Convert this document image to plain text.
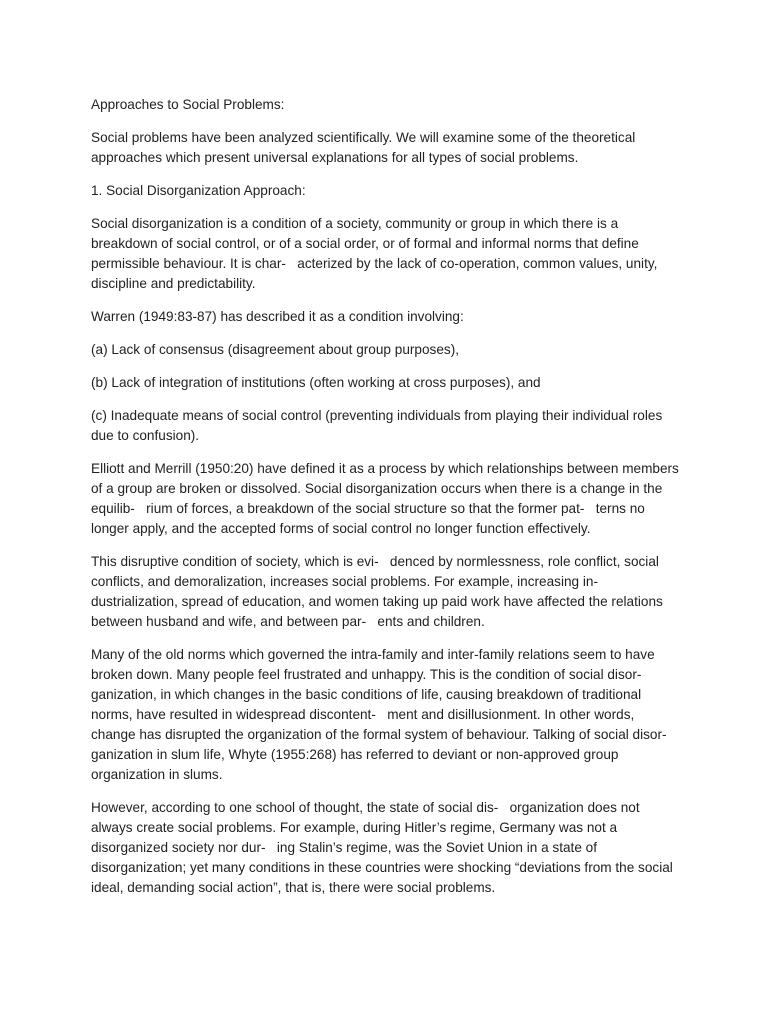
Approaches to Social Problems:

Social problems have been analyzed scientifically. We will examine some of the theoretical approaches which present universal explanations for all types of social problems.

1. Social Disorganization Approach:

Social disorganization is a condition of a society, community or group in which there is a breakdown of social control, or of a social order, or of formal and informal norms that define permissible behaviour. It is char-   acterized by the lack of co-operation, common values, unity, discipline and predictability.

Warren (1949:83-87) has described it as a condition involving:

(a) Lack of consensus (disagreement about group purposes),

(b) Lack of integration of institutions (often working at cross purposes), and

(c) Inadequate means of social control (preventing individuals from playing their individual roles due to confusion).

Elliott and Merrill (1950:20) have defined it as a process by which relationships between members of a group are broken or dissolved. Social disorganization occurs when there is a change in the equilib-   rium of forces, a breakdown of the social structure so that the former pat-   terns no longer apply, and the accepted forms of social control no longer function effectively.

This disruptive condition of society, which is evi-   denced by normlessness, role conflict, social conflicts, and demoralization, increases social problems. For example, increasing in-   dustrialization, spread of education, and women taking up paid work have affected the relations between husband and wife, and between par-   ents and children.

Many of the old norms which governed the intra-family and inter-family relations seem to have broken down. Many people feel frustrated and unhappy. This is the condition of social disor-   ganization, in which changes in the basic conditions of life, causing breakdown of traditional norms, have resulted in widespread discontent-   ment and disillusionment. In other words, change has disrupted the organization of the formal system of behaviour. Talking of social disor-   ganization in slum life, Whyte (1955:268) has referred to deviant or non-approved group organization in slums.

However, according to one school of thought, the state of social dis-   organization does not always create social problems. For example, during Hitler’s regime, Germany was not a disorganized society nor dur-   ing Stalin’s regime, was the Soviet Union in a state of disorganization; yet many conditions in these countries were shocking “deviations from the social ideal, demanding social action”, that is, there were social problems.
